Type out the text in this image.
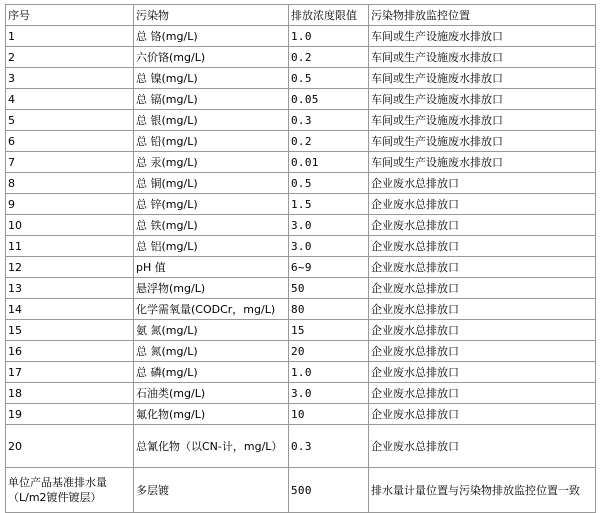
序号	污染物	排放浓度限值	污染物排放监控位置
1	总 铬(mg/L)	1.0	车间或生产设施废水排放口
2	六价铬(mg/L)	0.2	车间或生产设施废水排放口
3	总 镍(mg/L)	0.5	车间或生产设施废水排放口
4	总 镉(mg/L)	0.05	车间或生产设施废水排放口
5	总 银(mg/L)	0.3	车间或生产设施废水排放口
6	总 铅(mg/L)	0.2	车间或生产设施废水排放口
7	总 汞(mg/L)	0.01	车间或生产设施废水排放口
8	总 铜(mg/L)	0.5	企业废水总排放口
9	总 锌(mg/L)	1.5	企业废水总排放口
10	总 铁(mg/L)	3.0	企业废水总排放口
11	总 铝(mg/L)	3.0	企业废水总排放口
12	pH 值	6~9	企业废水总排放口
13	悬浮物(mg/L)	50	企业废水总排放口
14	化学需氧量(CODCr，mg/L)	80	企业废水总排放口
15	氨 氮(mg/L)	15	企业废水总排放口
16	总 氮(mg/L)	20	企业废水总排放口
17	总 磷(mg/L)	1.0	企业废水总排放口
18	石油类(mg/L)	3.0	企业废水总排放口
19	氟化物(mg/L)	10	企业废水总排放口
20	总氰化物（以CN-计，mg/L）	0.3	企业废水总排放口
单位产品基准排水量（L/m2镀件镀层）	多层镀	500	排水量计量位置与污染物排放监控位置一致
